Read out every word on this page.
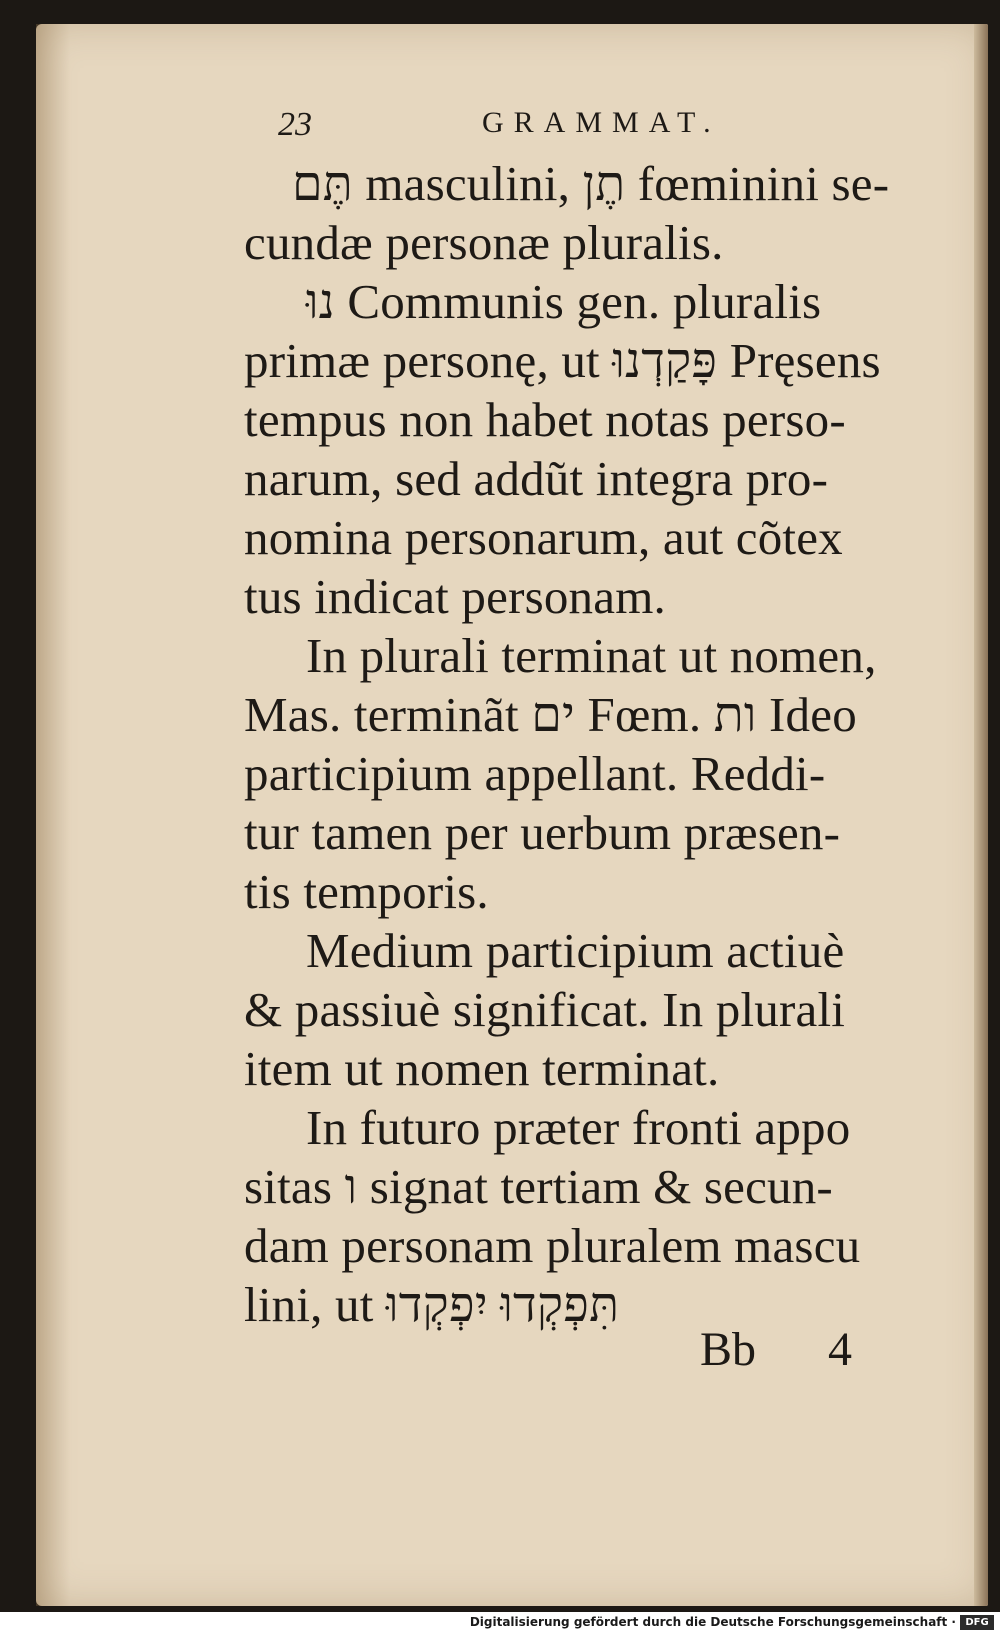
23	GRAMMAT.
תֶּם masculini, תֶן fœminini se-
cundæ personæ pluralis.
נוּ Communis gen. pluralis
primæ personę, ut פָּקַדְנוּ Pręsens
tempus non habet notas perso-
narum, sed addũt integra pro-
nomina personarum, aut cõtex
tus indicat personam.
In plurali terminat ut nomen,
Mas. terminãt ים Fœm. ות Ideo
participium appellant. Reddi-
tur tamen per uerbum præsen-
tis temporis.
Medium participium actiuè
& passiuè significat. In plurali
item ut nomen terminat.
In futuro præter fronti appo
sitas ו signat tertiam & secun-
dam personam pluralem mascu
lini, ut תִּפְקְדוּ יִפְקְדוּ
Bb 4
Digitalisierung gefördert durch die Deutsche Forschungsgemeinschaft · DFG
